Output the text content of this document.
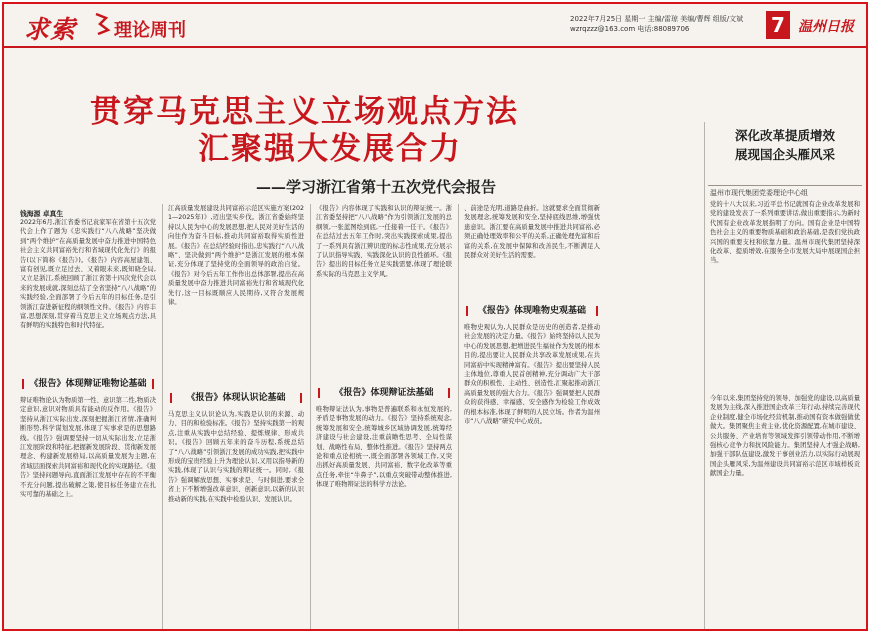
求索 理论周刊
2022年7月25日 星期一 主编/雷琼 美编/曹辉 组版/文斌
wzrqzzz@163.com 电话:88089706	7 温州日报
贯穿马克思主义立场观点方法
汇聚强大发展合力
——学习浙江省第十五次党代会报告
深化改革提质增效
展现国企头雁风采
温州市现代集团党委理论中心组
钱海源 卓真生
2022年6月,浙江省委书记袁家军在省第十五次党代会上作了题为《忠实践行“八八战略”坚决做到“两个维护”在高质量发展中奋力推进中国特色社会主义共同富裕先行和省域现代化先行》的报告(以下简称《报告》)。《报告》内容高屋建瓴、富有创见,既立足过去、又着眼未来,既知晓全局,又立足浙江,系统回顾了浙江省第十四次党代会以来的发展成就,深刻总结了全省坚持“八八战略”的实践经验,全面部署了今后五年的目标任务,是引领浙江奋进新征程的纲领性文件。《报告》内容丰富,思想深刻,贯穿着马克思主义立场观点方法,具有鲜明的实践特色和时代特征。
《报告》体现辩证唯物论基础
辩证唯物论认为物质第一性、意识第二性,物质决定意识,意识对物质具有能动的反作用。《报告》坚持从浙江实际出发,深刻把握浙江省情,准确判断形势,科学谋划发展,体现了实事求是的思想路线。《报告》强调要坚持一切从实际出发,立足浙江发展阶段和特征,把握新发展阶段、贯彻新发展理念、构建新发展格局,以高质量发展为主题,在省域层面探索共同富裕和现代化的实现路径。《报告》坚持问题导向,直面浙江发展中存在的不平衡不充分问题,提出破解之策,使目标任务建立在扎实可靠的基础之上。
江高质量发展建设共同富裕示范区实施方案(2021—2025年)》,迈出坚实步伐。浙江省委始终坚持以人民为中心的发展思想,把人民对美好生活的向往作为奋斗目标,推动共同富裕取得实质性进展。《报告》在总结经验时指出,忠实践行“八八战略”、坚决做到“两个维护”是浙江发展的根本保证,充分体现了坚持党的全面领导的政治自觉。《报告》对今后五年工作作出总体部署,提出在高质量发展中奋力推进共同富裕先行和省域现代化先行,这一目标既顺应人民期待,又符合发展规律。
《报告》体现认识论基础
马克思主义认识论认为,实践是认识的来源、动力、目的和检验标准。《报告》坚持实践第一的观点,注重从实践中总结经验、提炼规律、形成共识。《报告》回顾五年来的奋斗历程,系统总结了“八八战略”引领浙江发展的成功实践,把实践中形成的宝贵经验上升为理论认识,又用以指导新的实践,体现了认识与实践的辩证统一。同时,《报告》强调解放思想、实事求是、与时俱进,要求全省上下不断增强改革意识、创新意识,以新的认识推动新的实践,在实践中检验认识、发展认识。
《报告》内容体现了实践和认识的辩证统一。浙江省委坚持把“八八战略”作为引领浙江发展的总纲领,一张蓝图绘到底,一任接着一任干。《报告》在总结过去五年工作时,突出实践探索成果,提出了一系列具有浙江辨识度的标志性成果,充分展示了认识指导实践、实践深化认识的良性循环。《报告》提出的目标任务立足实践需要,体现了理论联系实际的马克思主义学风。
《报告》体现辩证法基础
唯物辩证法认为,事物是普遍联系和永恒发展的,矛盾是事物发展的动力。《报告》坚持系统观念,统筹发展和安全,统筹城乡区域协调发展,统筹经济建设与社会建设,注重前瞻性思考、全局性谋划、战略性布局、整体性推进。《报告》坚持两点论和重点论相统一,既全面部署各领域工作,又突出抓好高质量发展、共同富裕、数字化改革等重点任务,牵住“牛鼻子”,以重点突破带动整体推进,体现了唯物辩证法的科学方法论。
、前途是光明,道路是曲折。这就要求全面贯彻新发展理念,统筹发展和安全,坚持底线思维,增强忧患意识。浙江要在高质量发展中推进共同富裕,必须正确处理效率和公平的关系,正确处理先富和后富的关系,在发展中保障和改善民生,不断满足人民群众对美好生活的需要。
《报告》体现唯物史观基础
唯物史观认为,人民群众是历史的创造者,是推动社会发展的决定力量。《报告》始终坚持以人民为中心的发展思想,把增进民生福祉作为发展的根本目的,提出要让人民群众共享改革发展成果,在共同富裕中实现精神富有。《报告》提出要坚持人民主体地位,尊重人民首创精神,充分调动广大干部群众的积极性、主动性、创造性,汇聚起推动浙江高质量发展的强大合力。《报告》强调要把人民群众的获得感、幸福感、安全感作为检验工作成效的根本标准,体现了鲜明的人民立场。作者为温州市“八八战略”研究中心成员。
党的十八大以来,习近平总书记就国有企业改革发展和党的建设发表了一系列重要讲话,做出重要指示,为新时代国有企业改革发展指明了方向。国有企业是中国特色社会主义的重要物质基础和政治基础,是我们党执政兴国的重要支柱和依靠力量。温州市现代集团坚持深化改革、提质增效,在服务全市发展大局中展现国企担当。
今年以来,集团坚持党的领导、加强党的建设,以高质量发展为主线,深入推进国企改革三年行动,持续完善现代企业制度,健全市场化经营机制,推动国有资本做强做优做大。集团聚焦主责主业,优化资源配置,在城市建设、公共服务、产业培育等领域发挥引领带动作用,不断增强核心竞争力和抗风险能力。集团坚持人才强企战略,加强干部队伍建设,激发干事创业活力,以实际行动展现国企头雁风采,为温州建设共同富裕示范区市域样板贡献国企力量。
